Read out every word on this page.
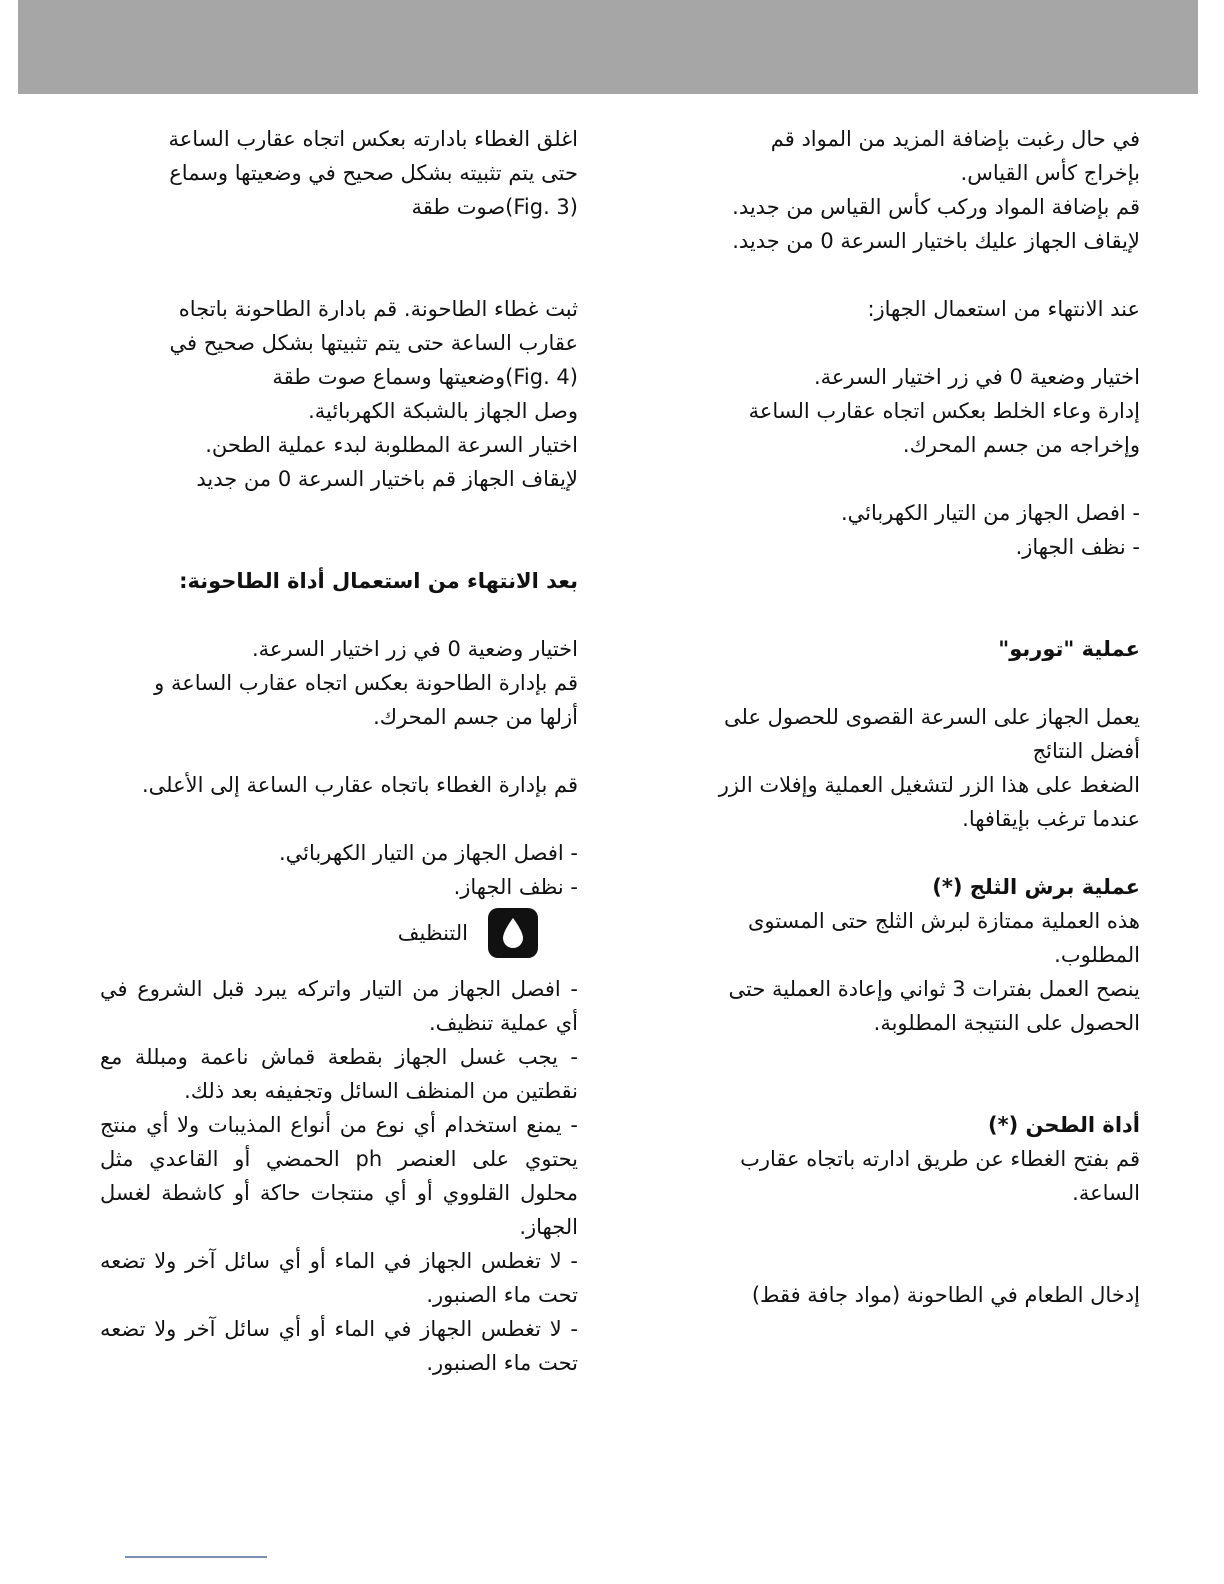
في حال رغبت بإضافة المزيد من المواد قم

بإخراج كأس القياس.

قم بإضافة المواد وركب كأس القياس من جديد.

لإيقاف الجهاز عليك باختيار السرعة 0 من جديد.

عند الانتهاء من استعمال الجهاز:

اختيار وضعية 0 في زر اختيار السرعة.

إدارة وعاء الخلط بعكس اتجاه عقارب الساعة

وإخراجه من جسم المحرك.

- افصل الجهاز من التيار الكهربائي.

- نظف الجهاز.

عملية "توربو"

يعمل الجهاز على السرعة القصوى للحصول على

أفضل النتائج

الضغط على هذا الزر لتشغيل العملية وإفلات الزر

عندما ترغب بإيقافها.

عملية برش الثلج (*)

هذه العملية ممتازة لبرش الثلج حتى المستوى

المطلوب.

ينصح العمل بفترات 3 ثواني وإعادة العملية حتى

الحصول على النتيجة المطلوبة.

أداة الطحن (*)

قم بفتح الغطاء عن طريق ادارته باتجاه عقارب

الساعة.

إدخال الطعام في الطاحونة (مواد جافة فقط)

اغلق الغطاء بادارته بعكس اتجاه عقارب الساعة

حتى يتم تثبيته بشكل صحيح في وضعيتها وسماع

(Fig. 3)صوت طقة

ثبت غطاء الطاحونة. قم بادارة الطاحونة باتجاه

عقارب الساعة حتى يتم تثبيتها بشكل صحيح في

(Fig. 4)وضعيتها وسماع صوت طقة

وصل الجهاز بالشبكة الكهربائية.

اختيار السرعة المطلوبة لبدء عملية الطحن.

لإيقاف الجهاز قم باختيار السرعة 0 من جديد

بعد الانتهاء من استعمال أداة الطاحونة:

اختيار وضعية 0 في زر اختيار السرعة.

قم بإدارة الطاحونة بعكس اتجاه عقارب الساعة و

أزلها من جسم المحرك.

قم بإدارة الغطاء باتجاه عقارب الساعة إلى الأعلى.

- افصل الجهاز من التيار الكهربائي.

- نظف الجهاز.

التنظيف

- افصل الجهاز من التيار واتركه يبرد قبل الشروع في أي عملية تنظيف.

- يجب غسل الجهاز بقطعة قماش ناعمة ومبللة مع نقطتين من المنظف السائل وتجفيفه بعد ذلك.

- يمنع استخدام أي نوع من أنواع المذيبات ولا أي منتج يحتوي على العنصر ph الحمضي أو القاعدي مثل محلول القلووي أو أي منتجات حاكة أو كاشطة لغسل الجهاز.

- لا تغطس الجهاز في الماء أو أي سائل آخر ولا تضعه تحت ماء الصنبور.

- لا تغطس الجهاز في الماء أو أي سائل آخر ولا تضعه تحت ماء الصنبور.
